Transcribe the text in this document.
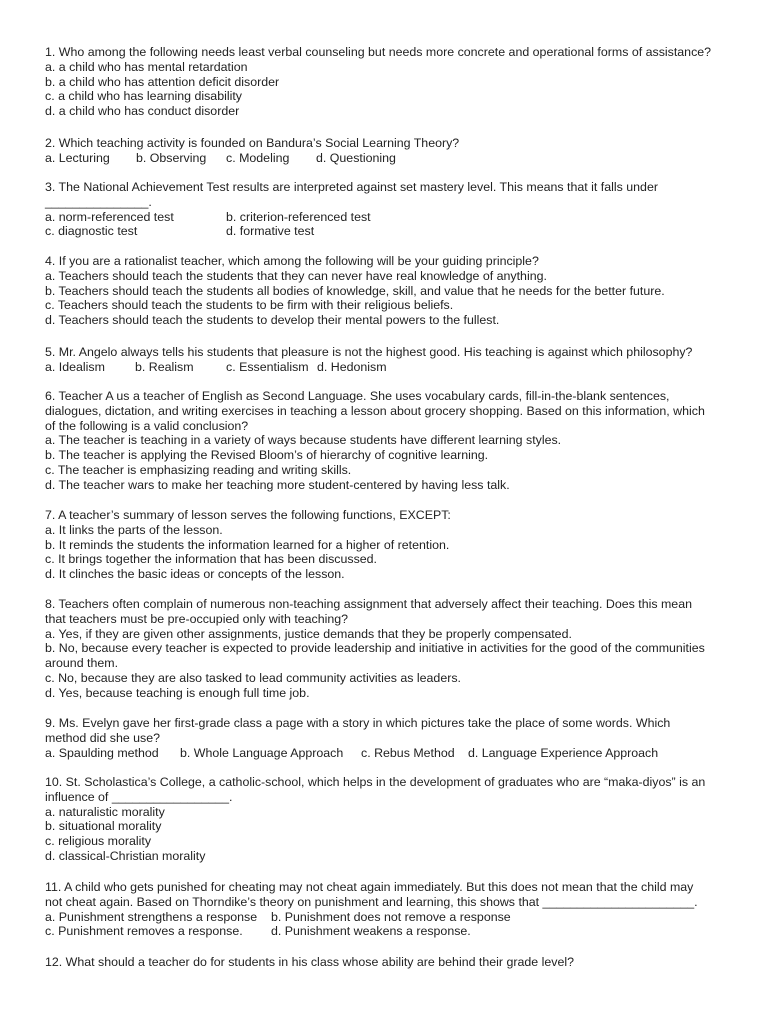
1. Who among the following needs least verbal counseling but needs more concrete and operational forms of assistance?
a. a child who has mental retardation
b. a child who has attention deficit disorder
c. a child who has learning disability
d. a child who has conduct disorder
2. Which teaching activity is founded on Bandura’s Social Learning Theory?
a. Lecturing	b. Observing	c. Modeling	d. Questioning
3. The National Achievement Test results are interpreted against set mastery level. This means that it falls under
_______________.
a. norm-referenced test	b. criterion-referenced test
c. diagnostic test	d. formative test
4. If you are a rationalist teacher, which among the following will be your guiding principle?
a. Teachers should teach the students that they can never have real knowledge of anything.
b. Teachers should teach the students all bodies of knowledge, skill, and value that he needs for the better future.
c. Teachers should teach the students to be firm with their religious beliefs.
d. Teachers should teach the students to develop their mental powers to the fullest.
5. Mr. Angelo always tells his students that pleasure is not the highest good. His teaching is against which philosophy?
a. Idealism	b. Realism	c. Essentialism d. Hedonism
6. Teacher A us a teacher of English as Second Language. She uses vocabulary cards, fill-in-the-blank sentences,
dialogues, dictation, and writing exercises in teaching a lesson about grocery shopping. Based on this information, which
of the following is a valid conclusion?
a. The teacher is teaching in a variety of ways because students have different learning styles.
b. The teacher is applying the Revised Bloom’s of hierarchy of cognitive learning.
c. The teacher is emphasizing reading and writing skills.
d. The teacher wars to make her teaching more student-centered by having less talk.
7. A teacher’s summary of lesson serves the following functions, EXCEPT:
a. It links the parts of the lesson.
b. It reminds the students the information learned for a higher of retention.
c. It brings together the information that has been discussed.
d. It clinches the basic ideas or concepts of the lesson.
8. Teachers often complain of numerous non-teaching assignment that adversely affect their teaching. Does this mean
that teachers must be pre-occupied only with teaching?
a. Yes, if they are given other assignments, justice demands that they be properly compensated.
b. No, because every teacher is expected to provide leadership and initiative in activities for the good of the communities
around them.
c. No, because they are also tasked to lead community activities as leaders.
d. Yes, because teaching is enough full time job.
9. Ms. Evelyn gave her first-grade class a page with a story in which pictures take the place of some words. Which
method did she use?
a. Spaulding method	b. Whole Language Approach	c. Rebus Method	d. Language Experience Approach
10. St. Scholastica’s College, a catholic-school, which helps in the development of graduates who are “maka-diyos” is an
influence of _________________.
a. naturalistic morality
b. situational morality
c. religious morality
d. classical-Christian morality
11. A child who gets punished for cheating may not cheat again immediately. But this does not mean that the child may
not cheat again. Based on Thorndike’s theory on punishment and learning, this shows that ______________________.
a. Punishment strengthens a response	b. Punishment does not remove a response
c. Punishment removes a response.	d. Punishment weakens a response.
12. What should a teacher do for students in his class whose ability are behind their grade level?
